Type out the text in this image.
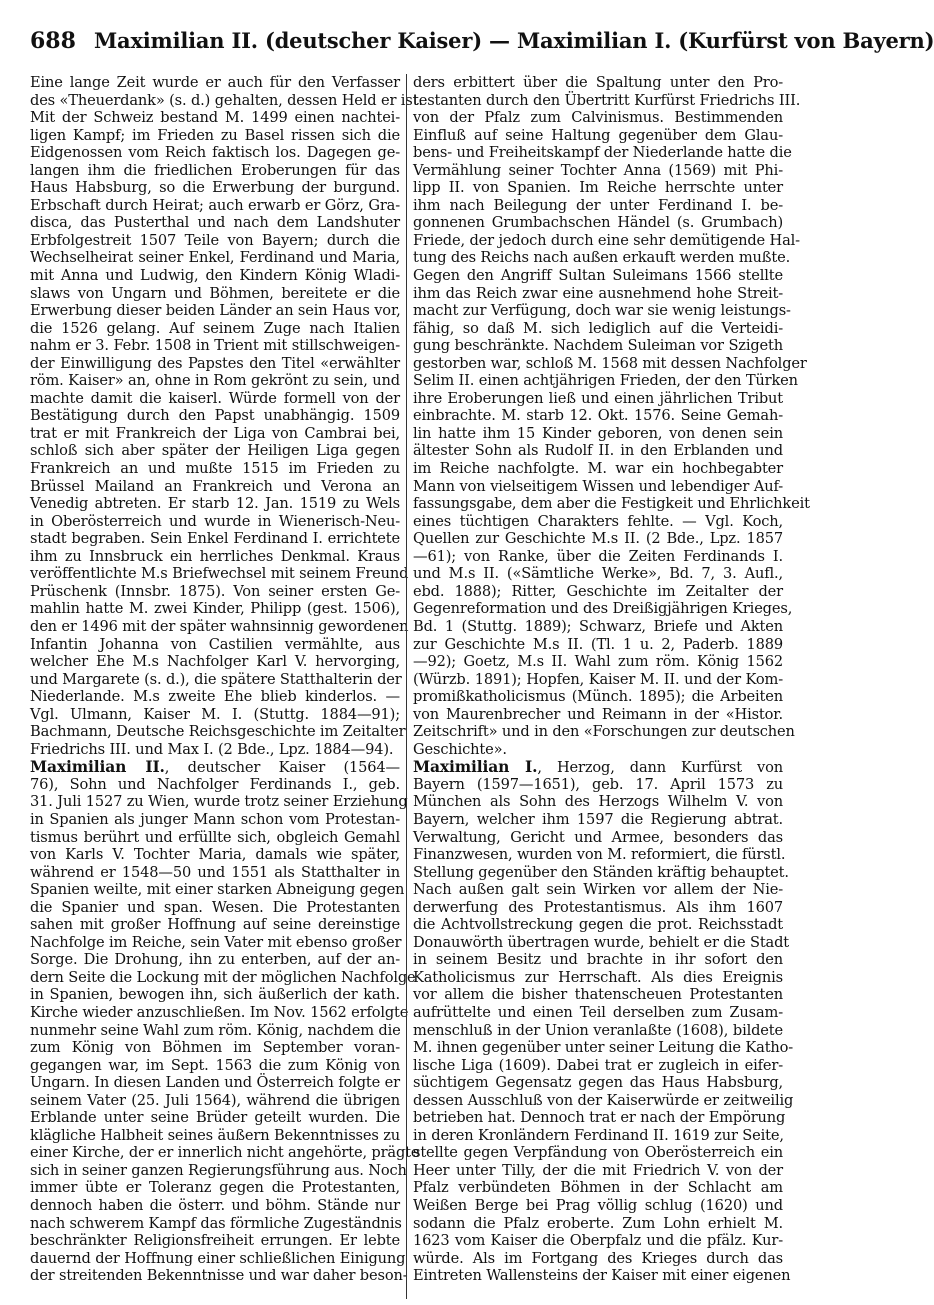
688 Maximilian II. (deutscher Kaiser) — Maximilian I. (Kurfürst von Bayern)
Eine lange Zeit wurde er auch für den Verfasser
des «Theuerdank» (s. d.) gehalten, dessen Held er ist.
Mit der Schweiz bestand M. 1499 einen nachtei-
ligen Kampf; im Frieden zu Basel rissen sich die
Eidgenossen vom Reich faktisch los. Dagegen ge-
langen ihm die friedlichen Eroberungen für das
Haus Habsburg, so die Erwerbung der burgund.
Erbschaft durch Heirat; auch erwarb er Görz, Gra-
disca, das Pusterthal und nach dem Landshuter
Erbfolgestreit 1507 Teile von Bayern; durch die
Wechselheirat seiner Enkel, Ferdinand und Maria,
mit Anna und Ludwig, den Kindern König Wladi-
slaws von Ungarn und Böhmen, bereitete er die
Erwerbung dieser beiden Länder an sein Haus vor,
die 1526 gelang. Auf seinem Zuge nach Italien
nahm er 3. Febr. 1508 in Trient mit stillschweigen-
der Einwilligung des Papstes den Titel «erwählter
röm. Kaiser» an, ohne in Rom gekrönt zu sein, und
machte damit die kaiserl. Würde formell von der
Bestätigung durch den Papst unabhängig. 1509
trat er mit Frankreich der Liga von Cambrai bei,
schloß sich aber später der Heiligen Liga gegen
Frankreich an und mußte 1515 im Frieden zu
Brüssel Mailand an Frankreich und Verona an
Venedig abtreten. Er starb 12. Jan. 1519 zu Wels
in Oberösterreich und wurde in Wienerisch-Neu-
stadt begraben. Sein Enkel Ferdinand I. errichtete
ihm zu Innsbruck ein herrliches Denkmal. Kraus
veröffentlichte M.s Briefwechsel mit seinem Freund
Prüschenk (Innsbr. 1875). Von seiner ersten Ge-
mahlin hatte M. zwei Kinder, Philipp (gest. 1506),
den er 1496 mit der später wahnsinnig gewordenen
Infantin Johanna von Castilien vermählte, aus
welcher Ehe M.s Nachfolger Karl V. hervorging,
und Margarete (s. d.), die spätere Statthalterin der
Niederlande. M.s zweite Ehe blieb kinderlos. —
Vgl. Ulmann, Kaiser M. I. (Stuttg. 1884—91);
Bachmann, Deutsche Reichsgeschichte im Zeitalter
Friedrichs III. und Max I. (2 Bde., Lpz. 1884—94).
Maximilian II., deutscher Kaiser (1564—
76), Sohn und Nachfolger Ferdinands I., geb.
31. Juli 1527 zu Wien, wurde trotz seiner Erziehung
in Spanien als junger Mann schon vom Protestan-
tismus berührt und erfüllte sich, obgleich Gemahl
von Karls V. Tochter Maria, damals wie später,
während er 1548—50 und 1551 als Statthalter in
Spanien weilte, mit einer starken Abneigung gegen
die Spanier und span. Wesen. Die Protestanten
sahen mit großer Hoffnung auf seine dereinstige
Nachfolge im Reiche, sein Vater mit ebenso großer
Sorge. Die Drohung, ihn zu enterben, auf der an-
dern Seite die Lockung mit der möglichen Nachfolge
in Spanien, bewogen ihn, sich äußerlich der kath.
Kirche wieder anzuschließen. Im Nov. 1562 erfolgte
nunmehr seine Wahl zum röm. König, nachdem die
zum König von Böhmen im September voran-
gegangen war, im Sept. 1563 die zum König von
Ungarn. In diesen Landen und Österreich folgte er
seinem Vater (25. Juli 1564), während die übrigen
Erblande unter seine Brüder geteilt wurden. Die
klägliche Halbheit seines äußern Bekenntnisses zu
einer Kirche, der er innerlich nicht angehörte, prägte
sich in seiner ganzen Regierungsführung aus. Noch
immer übte er Toleranz gegen die Protestanten,
dennoch haben die österr. und böhm. Stände nur
nach schwerem Kampf das förmliche Zugeständnis
beschränkter Religionsfreiheit errungen. Er lebte
dauernd der Hoffnung einer schließlichen Einigung
der streitenden Bekenntnisse und war daher beson-
ders erbittert über die Spaltung unter den Pro-
testanten durch den Übertritt Kurfürst Friedrichs III.
von der Pfalz zum Calvinismus. Bestimmenden
Einfluß auf seine Haltung gegenüber dem Glau-
bens- und Freiheitskampf der Niederlande hatte die
Vermählung seiner Tochter Anna (1569) mit Phi-
lipp II. von Spanien. Im Reiche herrschte unter
ihm nach Beilegung der unter Ferdinand I. be-
gonnenen Grumbachschen Händel (s. Grumbach)
Friede, der jedoch durch eine sehr demütigende Hal-
tung des Reichs nach außen erkauft werden mußte.
Gegen den Angriff Sultan Suleimans 1566 stellte
ihm das Reich zwar eine ausnehmend hohe Streit-
macht zur Verfügung, doch war sie wenig leistungs-
fähig, so daß M. sich lediglich auf die Verteidi-
gung beschränkte. Nachdem Suleiman vor Szigeth
gestorben war, schloß M. 1568 mit dessen Nachfolger
Selim II. einen achtjährigen Frieden, der den Türken
ihre Eroberungen ließ und einen jährlichen Tribut
einbrachte. M. starb 12. Okt. 1576. Seine Gemah-
lin hatte ihm 15 Kinder geboren, von denen sein
ältester Sohn als Rudolf II. in den Erblanden und
im Reiche nachfolgte. M. war ein hochbegabter
Mann von vielseitigem Wissen und lebendiger Auf-
fassungsgabe, dem aber die Festigkeit und Ehrlichkeit
eines tüchtigen Charakters fehlte. — Vgl. Koch,
Quellen zur Geschichte M.s II. (2 Bde., Lpz. 1857
—61); von Ranke, über die Zeiten Ferdinands I.
und M.s II. («Sämtliche Werke», Bd. 7, 3. Aufl.,
ebd. 1888); Ritter, Geschichte im Zeitalter der
Gegenreformation und des Dreißigjährigen Krieges,
Bd. 1 (Stuttg. 1889); Schwarz, Briefe und Akten
zur Geschichte M.s II. (Tl. 1 u. 2, Paderb. 1889
—92); Goetz, M.s II. Wahl zum röm. König 1562
(Würzb. 1891); Hopfen, Kaiser M. II. und der Kom-
promißkatholicismus (Münch. 1895); die Arbeiten
von Maurenbrecher und Reimann in der «Histor.
Zeitschrift» und in den «Forschungen zur deutschen
Geschichte».
Maximilian I., Herzog, dann Kurfürst von
Bayern (1597—1651), geb. 17. April 1573 zu
München als Sohn des Herzogs Wilhelm V. von
Bayern, welcher ihm 1597 die Regierung abtrat.
Verwaltung, Gericht und Armee, besonders das
Finanzwesen, wurden von M. reformiert, die fürstl.
Stellung gegenüber den Ständen kräftig behauptet.
Nach außen galt sein Wirken vor allem der Nie-
derwerfung des Protestantismus. Als ihm 1607
die Achtvollstreckung gegen die prot. Reichsstadt
Donauwörth übertragen wurde, behielt er die Stadt
in seinem Besitz und brachte in ihr sofort den
Katholicismus zur Herrschaft. Als dies Ereignis
vor allem die bisher thatenscheuen Protestanten
aufrüttelte und einen Teil derselben zum Zusam-
menschluß in der Union veranlaßte (1608), bildete
M. ihnen gegenüber unter seiner Leitung die Katho-
lische Liga (1609). Dabei trat er zugleich in eifer-
süchtigem Gegensatz gegen das Haus Habsburg,
dessen Ausschluß von der Kaiserwürde er zeitweilig
betrieben hat. Dennoch trat er nach der Empörung
in deren Kronländern Ferdinand II. 1619 zur Seite,
stellte gegen Verpfändung von Oberösterreich ein
Heer unter Tilly, der die mit Friedrich V. von der
Pfalz verbündeten Böhmen in der Schlacht am
Weißen Berge bei Prag völlig schlug (1620) und
sodann die Pfalz eroberte. Zum Lohn erhielt M.
1623 vom Kaiser die Oberpfalz und die pfälz. Kur-
würde. Als im Fortgang des Krieges durch das
Eintreten Wallensteins der Kaiser mit einer eigenen
